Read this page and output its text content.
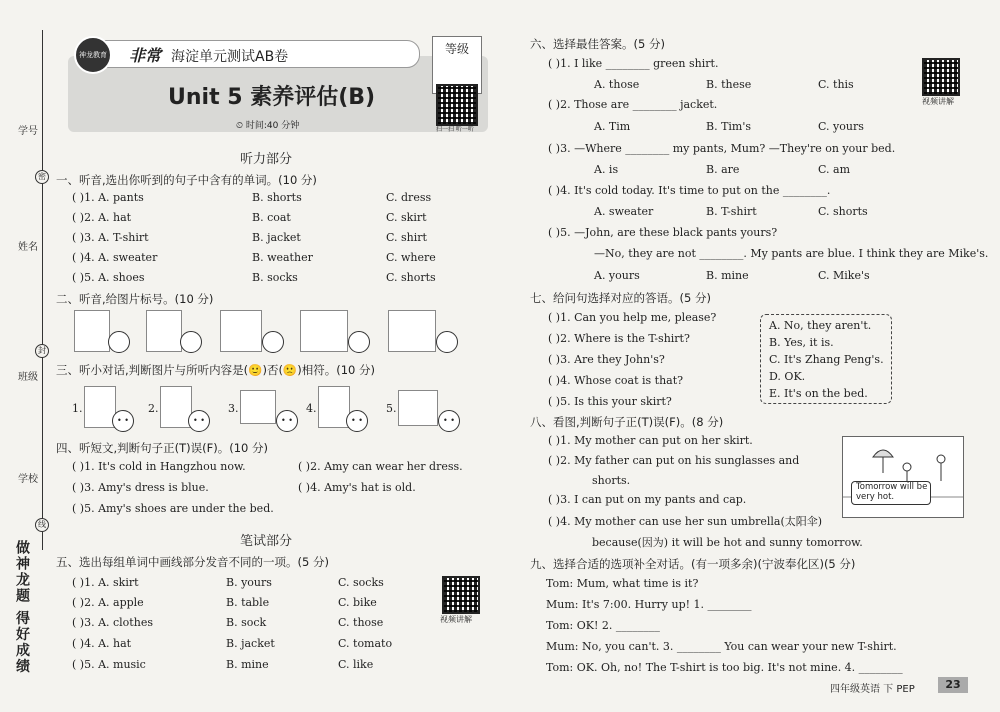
学号
姓名
班级
学校
密
封
线
做神龙题 得好成绩
非常 海淀单元测试AB卷
神龙教育
Unit 5 素养评估(B)
⏲ 时间:40 分钟
等级
扫一扫 听一听
听力部分
一、听音,选出你听到的句子中含有的单词。(10 分)
( )1. A. pants	B. shorts	C. dress
( )2. A. hat	B. coat	C. skirt
( )3. A. T-shirt	B. jacket	C. shirt
( )4. A. sweater	B. weather	C. where
( )5. A. shoes	B. socks	C. shorts
二、听音,给图片标号。(10 分)
三、听小对话,判断图片与所听内容是(🙂)否(🙁)相符。(10 分)
1.
• •
2.
• •
3.
• •
4.
• •
5.
• •
四、听短文,判断句子正(T)误(F)。(10 分)
( )1. It's cold in Hangzhou now.	( )2. Amy can wear her dress.
( )3. Amy's dress is blue.	( )4. Amy's hat is old.
( )5. Amy's shoes are under the bed.
笔试部分
五、选出每组单词中画线部分发音不同的一项。(5 分)
( )1. A. skirt	B. yours	C. socks
( )2. A. apple	B. table	C. bike
( )3. A. clothes	B. sock	C. those
( )4. A. hat	B. jacket	C. tomato
( )5. A. music	B. mine	C. like
视频讲解
六、选择最佳答案。(5 分)
视频讲解
( )1. I like ________ green shirt.
A. those	B. these	C. this
( )2. Those are ________ jacket.
A. Tim	B. Tim's	C. yours
( )3. —Where ________ my pants, Mum? —They're on your bed.
A. is	B. are	C. am
( )4. It's cold today. It's time to put on the ________.
A. sweater	B. T-shirt	C. shorts
( )5. —John, are these black pants yours?
—No, they are not ________. My pants are blue. I think they are Mike's.
A. yours	B. mine	C. Mike's
七、给问句选择对应的答语。(5 分)
( )1. Can you help me, please?
( )2. Where is the T-shirt?
( )3. Are they John's?
( )4. Whose coat is that?
( )5. Is this your skirt?
A. No, they aren't.
B. Yes, it is.
C. It's Zhang Peng's.
D. OK.
E. It's on the bed.
八、看图,判断句子正(T)误(F)。(8 分)
( )1. My mother can put on her skirt.
( )2. My father can put on his sunglasses and
shorts.
( )3. I can put on my pants and cap.
( )4. My mother can use her sun umbrella(太阳伞)
because(因为) it will be hot and sunny tomorrow.
Tomorrow will be very hot.
九、选择合适的选项补全对话。(有一项多余)(宁波奉化区)(5 分)
Tom: Mum, what time is it?
Mum: It's 7:00. Hurry up! 1. ________
Tom: OK! 2. ________
Mum: No, you can't. 3. ________ You can wear your new T-shirt.
Tom: OK. Oh, no! The T-shirt is too big. It's not mine. 4. ________
四年级英语 下 PEP	23
